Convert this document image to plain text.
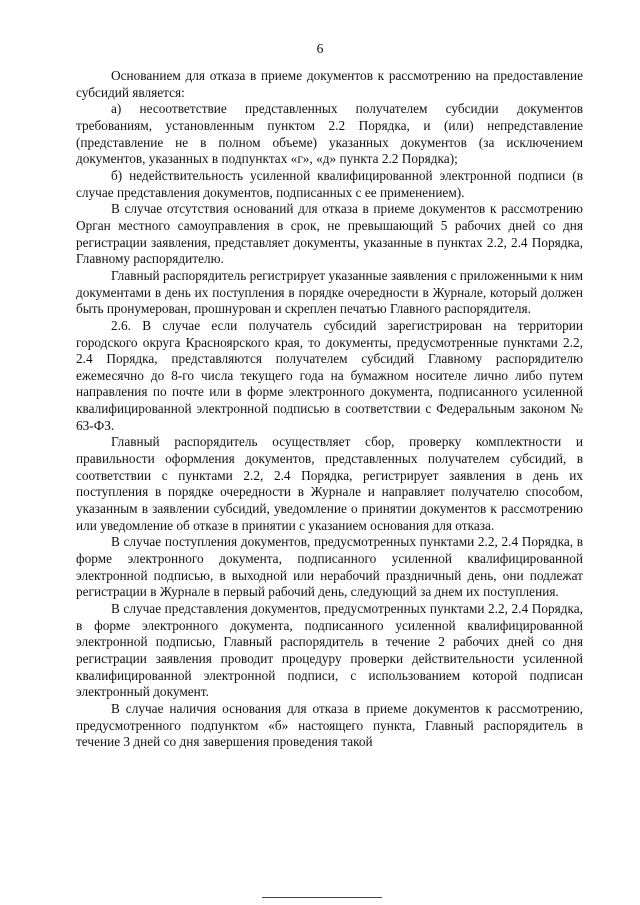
6

Основанием для отказа в приеме документов к рассмотрению на предоставление субсидий является:

а) несоответствие представленных получателем субсидии документов требованиям, установленным пунктом 2.2 Порядка, и (или) непредставление (представление не в полном объеме) указанных документов (за исключением документов, указанных в подпунктах «г», «д» пункта 2.2 Порядка);

б) недействительность усиленной квалифицированной электронной подписи (в случае представления документов, подписанных с ее применением).

В случае отсутствия оснований для отказа в приеме документов к рассмотрению Орган местного самоуправления в срок, не превышающий 5 рабочих дней со дня регистрации заявления, представляет документы, указанные в пунктах 2.2, 2.4 Порядка, Главному распорядителю.

Главный распорядитель регистрирует указанные заявления с приложенными к ним документами в день их поступления в порядке очередности в Журнале, который должен быть пронумерован, прошнурован и скреплен печатью Главного распорядителя.

2.6. В случае если получатель субсидий зарегистрирован на территории городского округа Красноярского края, то документы, предусмотренные пунктами 2.2, 2.4 Порядка, представляются получателем субсидий Главному распорядителю ежемесячно до 8-го числа текущего года на бумажном носителе лично либо путем направления по почте или в форме электронного документа, подписанного усиленной квалифицированной электронной подписью в соответствии с Федеральным законом № 63-ФЗ.

Главный распорядитель осуществляет сбор, проверку комплектности и правильности оформления документов, представленных получателем субсидий, в соответствии с пунктами 2.2, 2.4 Порядка, регистрирует заявления в день их поступления в порядке очередности в Журнале и направляет получателю способом, указанным в заявлении субсидий, уведомление о принятии документов к рассмотрению или уведомление об отказе в принятии с указанием основания для отказа.

В случае поступления документов, предусмотренных пунктами 2.2, 2.4 Порядка, в форме электронного документа, подписанного усиленной квалифицированной электронной подписью, в выходной или нерабочий праздничный день, они подлежат регистрации в Журнале в первый рабочий день, следующий за днем их поступления.

В случае представления документов, предусмотренных пунктами 2.2, 2.4 Порядка, в форме электронного документа, подписанного усиленной квалифицированной электронной подписью, Главный распорядитель в течение 2 рабочих дней со дня регистрации заявления проводит процедуру проверки действительности усиленной квалифицированной электронной подписи, с использованием которой подписан электронный документ.

В случае наличия основания для отказа в приеме документов к рассмотрению, предусмотренного подпунктом «б» настоящего пункта, Главный распорядитель в течение 3 дней со дня завершения проведения такой
